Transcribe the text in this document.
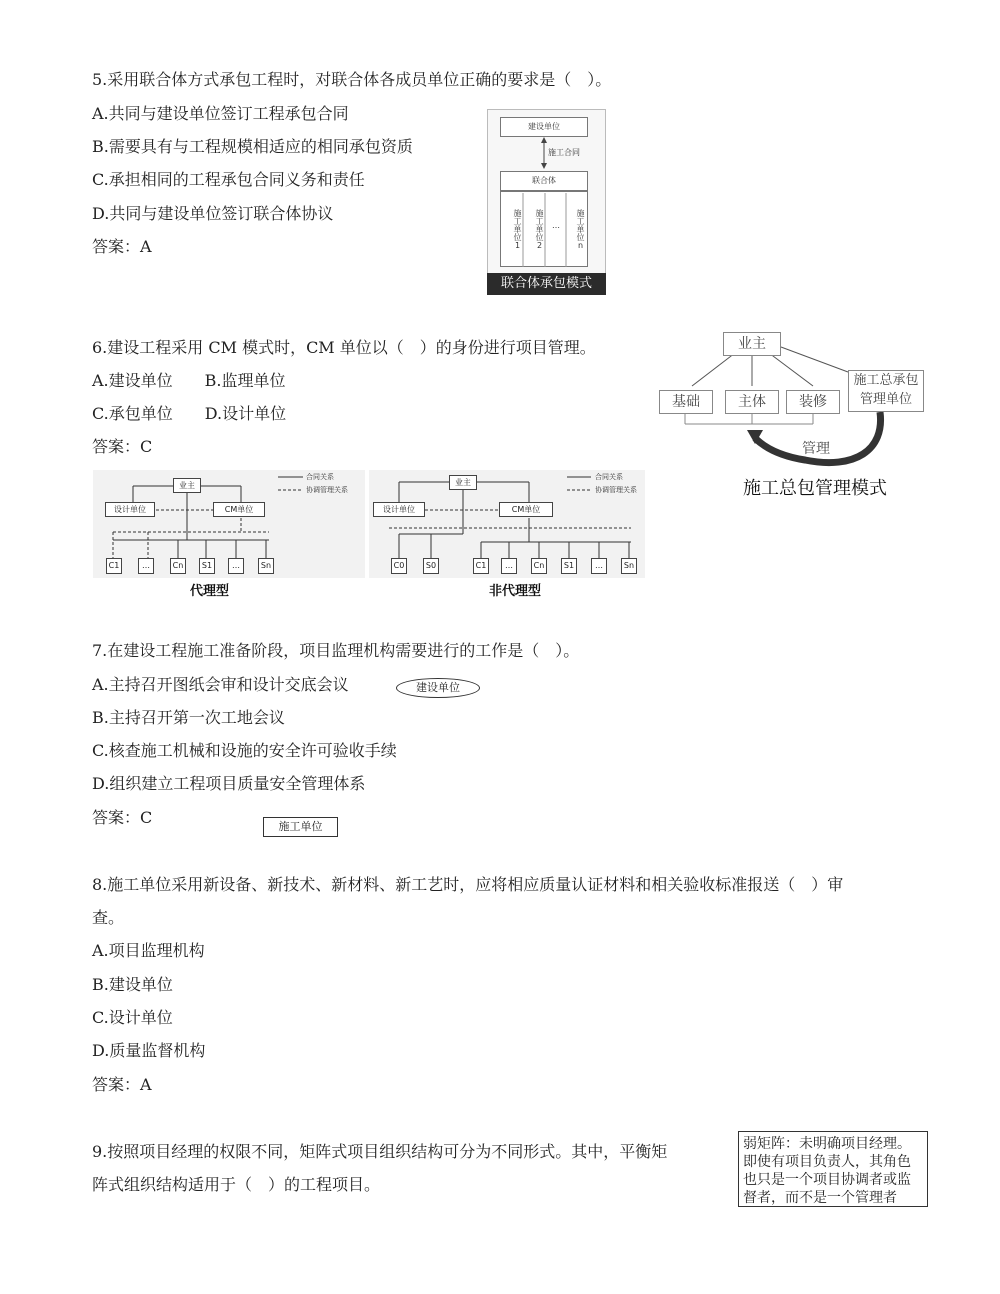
5.采用联合体方式承包工程时，对联合体各成员单位正确的要求是（　）。
A.共同与建设单位签订工程承包合同
B.需要具有与工程规模相适应的相同承包资质
C.承担相同的工程承包合同义务和责任
D.共同与建设单位签订联合体协议
答案：A
建设单位
施工合同
联合体
施工单位1	施工单位2	…	施工单位n
联合体承包模式
6.建设工程采用 CM 模式时，CM 单位以（　）的身份进行项目管理。
A.建设单位　　B.监理单位
C.承包单位　　D.设计单位
答案：C
业主
施工总承包管理单位
基础	主体	装修
管理
施工总包管理模式
合同关系
协调管理关系
业主
设计单位	CM单位
C1	…	Cn	S1	…	Sn
代理型
合同关系
协调管理关系
业主
设计单位	CM单位
C0	S0	C1	…	Cn	S1	…	Sn
非代理型
7.在建设工程施工准备阶段，项目监理机构需要进行的工作是（　）。
A.主持召开图纸会审和设计交底会议	建设单位
B.主持召开第一次工地会议
C.核查施工机械和设施的安全许可验收手续
D.组织建立工程项目质量安全管理体系
答案：C	施工单位
8.施工单位采用新设备、新技术、新材料、新工艺时，应将相应质量认证材料和相关验收标准报送（　）审
查。
A.项目监理机构
B.建设单位
C.设计单位
D.质量监督机构
答案：A
9.按照项目经理的权限不同，矩阵式项目组织结构可分为不同形式。其中，平衡矩
阵式组织结构适用于（　）的工程项目。
弱矩阵：未明确项目经理。
即使有项目负责人，其角色
也只是一个项目协调者或监
督者，而不是一个管理者
